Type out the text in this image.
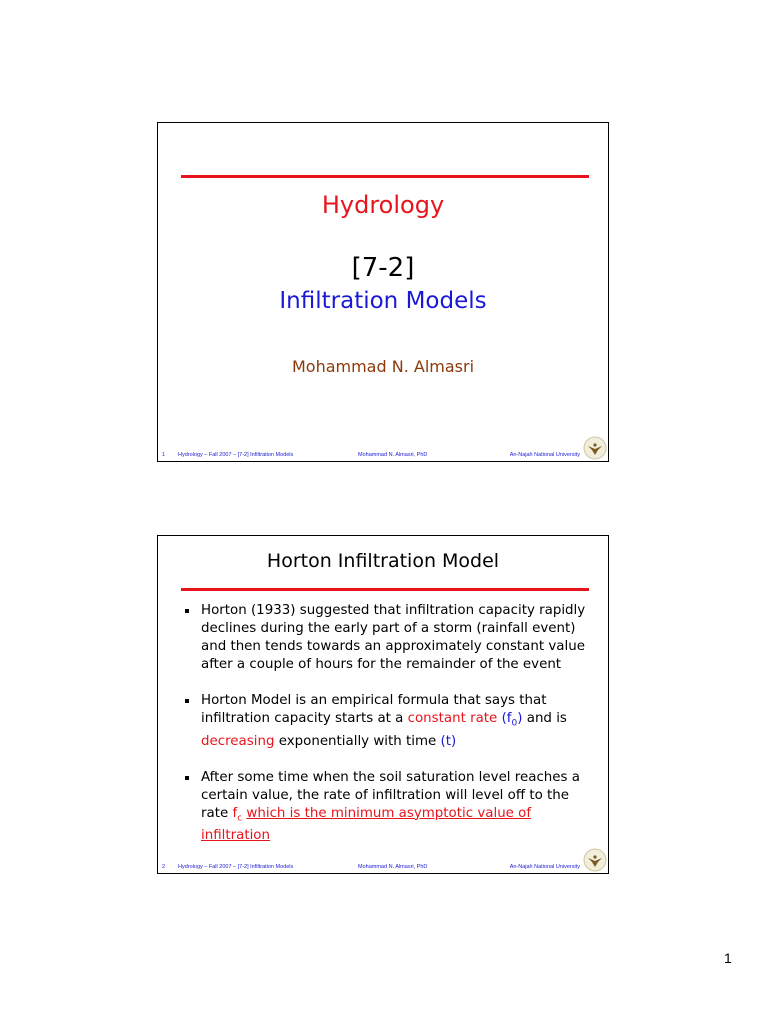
Hydrology
[7-2]
Infiltration Models
Mohammad N. Almasri
1 Hydrology – Fall 2007 – [7-2] Infiltration Models	Mohammad N. Almasri, PhD	An-Najah National University
Horton Infiltration Model
Horton (1933) suggested that infiltration capacity rapidly
declines during the early part of a storm (rainfall event)
and then tends towards an approximately constant value
after a couple of hours for the remainder of the event
Horton Model is an empirical formula that says that
infiltration capacity starts at a constant rate $(f_0)$ and is
decreasing exponentially with time (t)
After some time when the soil saturation level reaches a
certain value, the rate of infiltration will level off to the
rate $f_c$ which is the minimum asymptotic value of
infiltration
2 Hydrology – Fall 2007 – [7-2] Infiltration Models	Mohammad N. Almasri, PhD	An-Najah National University
1
